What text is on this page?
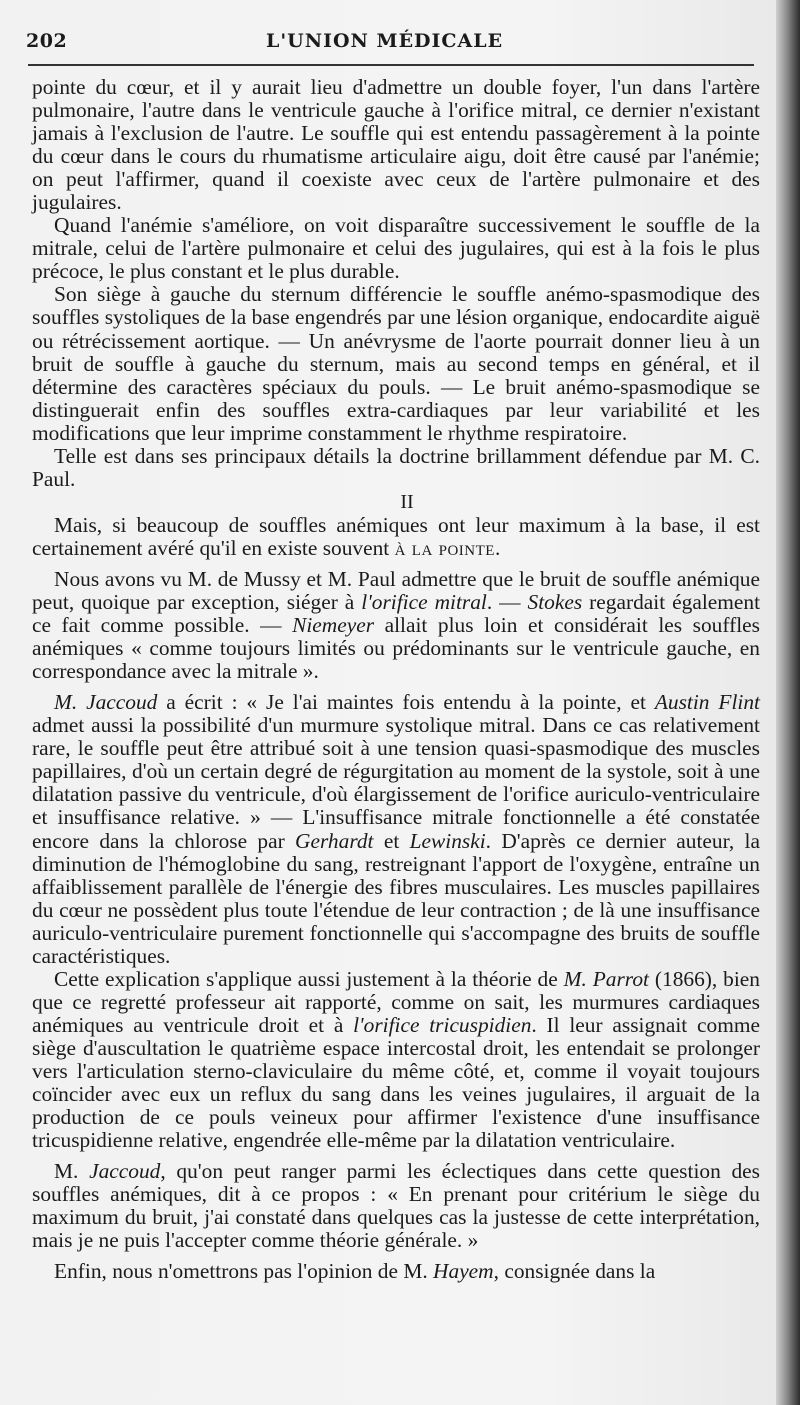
202	L'UNION MÉDICALE

pointe du cœur, et il y aurait lieu d'admettre un double foyer, l'un dans l'artère pulmonaire, l'autre dans le ventricule gauche à l'orifice mitral, ce dernier n'existant jamais à l'exclusion de l'autre. Le souffle qui est entendu passagèrement à la pointe du cœur dans le cours du rhumatisme articulaire aigu, doit être causé par l'anémie; on peut l'affirmer, quand il coexiste avec ceux de l'artère pulmonaire et des jugulaires.

Quand l'anémie s'améliore, on voit disparaître successivement le souffle de la mitrale, celui de l'artère pulmonaire et celui des jugulaires, qui est à la fois le plus précoce, le plus constant et le plus durable.

Son siège à gauche du sternum différencie le souffle anémo-spasmodique des souffles systoliques de la base engendrés par une lésion organique, endocardite aiguë ou rétrécissement aortique. — Un anévrysme de l'aorte pourrait donner lieu à un bruit de souffle à gauche du sternum, mais au second temps en général, et il détermine des caractères spéciaux du pouls. — Le bruit anémo-spasmodique se distinguerait enfin des souffles extra-cardiaques par leur variabilité et les modifications que leur imprime constamment le rhythme respiratoire.

Telle est dans ses principaux détails la doctrine brillamment défendue par M. C. Paul.

II

Mais, si beaucoup de souffles anémiques ont leur maximum à la base, il est certainement avéré qu'il en existe souvent à la pointe.

Nous avons vu M. de Mussy et M. Paul admettre que le bruit de souffle anémique peut, quoique par exception, siéger à l'orifice mitral. — Stokes regardait également ce fait comme possible. — Niemeyer allait plus loin et considérait les souffles anémiques « comme toujours limités ou prédominants sur le ventricule gauche, en correspondance avec la mitrale ».

M. Jaccoud a écrit : « Je l'ai maintes fois entendu à la pointe, et Austin Flint admet aussi la possibilité d'un murmure systolique mitral. Dans ce cas relativement rare, le souffle peut être attribué soit à une tension quasi-spasmodique des muscles papillaires, d'où un certain degré de régurgitation au moment de la systole, soit à une dilatation passive du ventricule, d'où élargissement de l'orifice auriculo-ventriculaire et insuffisance relative. » — L'insuffisance mitrale fonctionnelle a été constatée encore dans la chlorose par Gerhardt et Lewinski. D'après ce dernier auteur, la diminution de l'hémoglobine du sang, restreignant l'apport de l'oxygène, entraîne un affaiblissement parallèle de l'énergie des fibres musculaires. Les muscles papillaires du cœur ne possèdent plus toute l'étendue de leur contraction ; de là une insuffisance auriculo-ventriculaire purement fonctionnelle qui s'accompagne des bruits de souffle caractéristiques.

Cette explication s'applique aussi justement à la théorie de M. Parrot (1866), bien que ce regretté professeur ait rapporté, comme on sait, les murmures cardiaques anémiques au ventricule droit et à l'orifice tricuspidien. Il leur assignait comme siège d'auscultation le quatrième espace intercostal droit, les entendait se prolonger vers l'articulation sterno-claviculaire du même côté, et, comme il voyait toujours coïncider avec eux un reflux du sang dans les veines jugulaires, il arguait de la production de ce pouls veineux pour affirmer l'existence d'une insuffisance tricuspidienne relative, engendrée elle-même par la dilatation ventriculaire.

M. Jaccoud, qu'on peut ranger parmi les éclectiques dans cette question des souffles anémiques, dit à ce propos : « En prenant pour critérium le siège du maximum du bruit, j'ai constaté dans quelques cas la justesse de cette interprétation, mais je ne puis l'accepter comme théorie générale. »

Enfin, nous n'omettrons pas l'opinion de M. Hayem, consignée dans la
